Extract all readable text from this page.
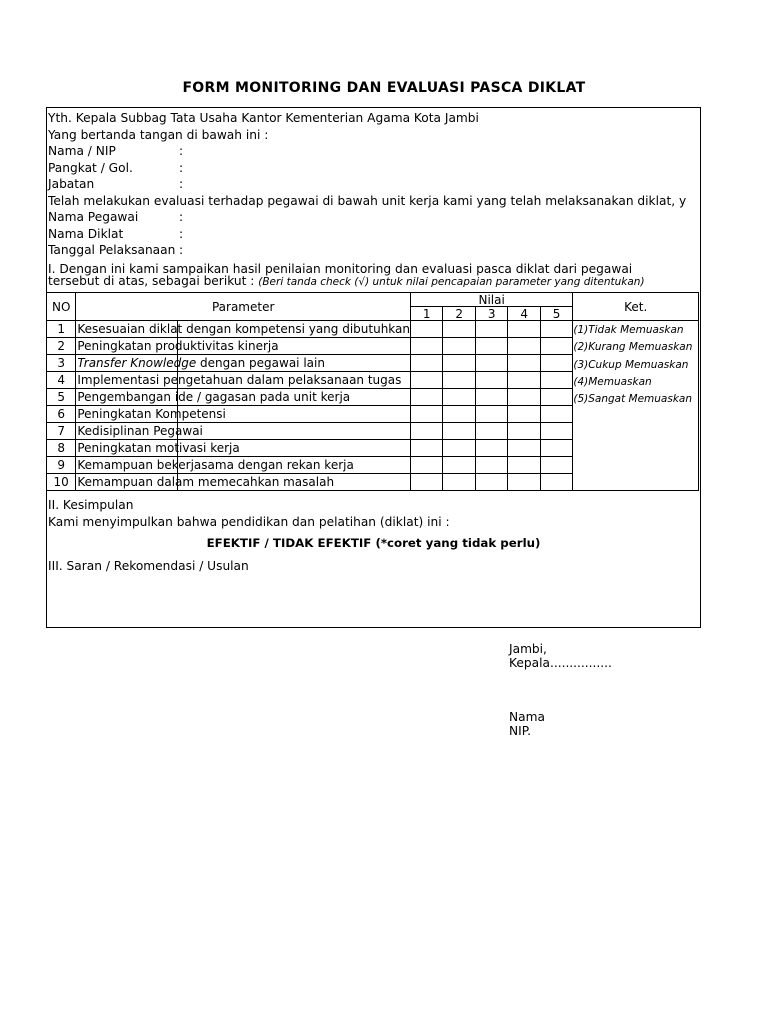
FORM MONITORING DAN EVALUASI PASCA DIKLAT
Yth. Kepala Subbag Tata Usaha Kantor Kementerian Agama Kota Jambi
Yang bertanda tangan di bawah ini :
Nama / NIP	:
Pangkat / Gol.	:
Jabatan	:
Telah melakukan evaluasi terhadap pegawai di bawah unit kerja kami yang telah melaksanakan diklat, y
Nama Pegawai	:
Nama Diklat	:
Tanggal Pelaksanaan :
I. Dengan ini kami sampaikan hasil penilaian monitoring dan evaluasi pasca diklat dari pegawai
tersebut di atas, sebagai berikut : (Beri tanda check (√) untuk nilai pencapaian parameter yang ditentukan)
NO	Parameter	Nilai					Ket.
		1	2	3	4	5	
1	Kesesuaian diklat dengan kompetensi yang dibutuhkan						(1)Tidak Memuaskan
(2)Kurang Memuaskan
(3)Cukup Memuaskan
(4)Memuaskan
(5)Sangat Memuaskan

2	Peningkatan produktivitas kinerja	

3	Transfer Knowledge dengan pegawai lain	

4	Implementasi pengetahuan dalam pelaksanaan tugas	

5	Pengembangan ide / gagasan pada unit kerja	

6	Peningkatan Kompetensi	

7	Kedisiplinan Pegawai	

8	Peningkatan motivasi kerja	

9	Kemampuan bekerjasama dengan rekan kerja	

10	Kemampuan dalam memecahkan masalah	

II. Kesimpulan
Kami menyimpulkan bahwa pendidikan dan pelatihan (diklat) ini :
EFEKTIF / TIDAK EFEKTIF (*coret yang tidak perlu)
III. Saran / Rekomendasi / Usulan
Jambi,
Kepala................
Nama
NIP.
